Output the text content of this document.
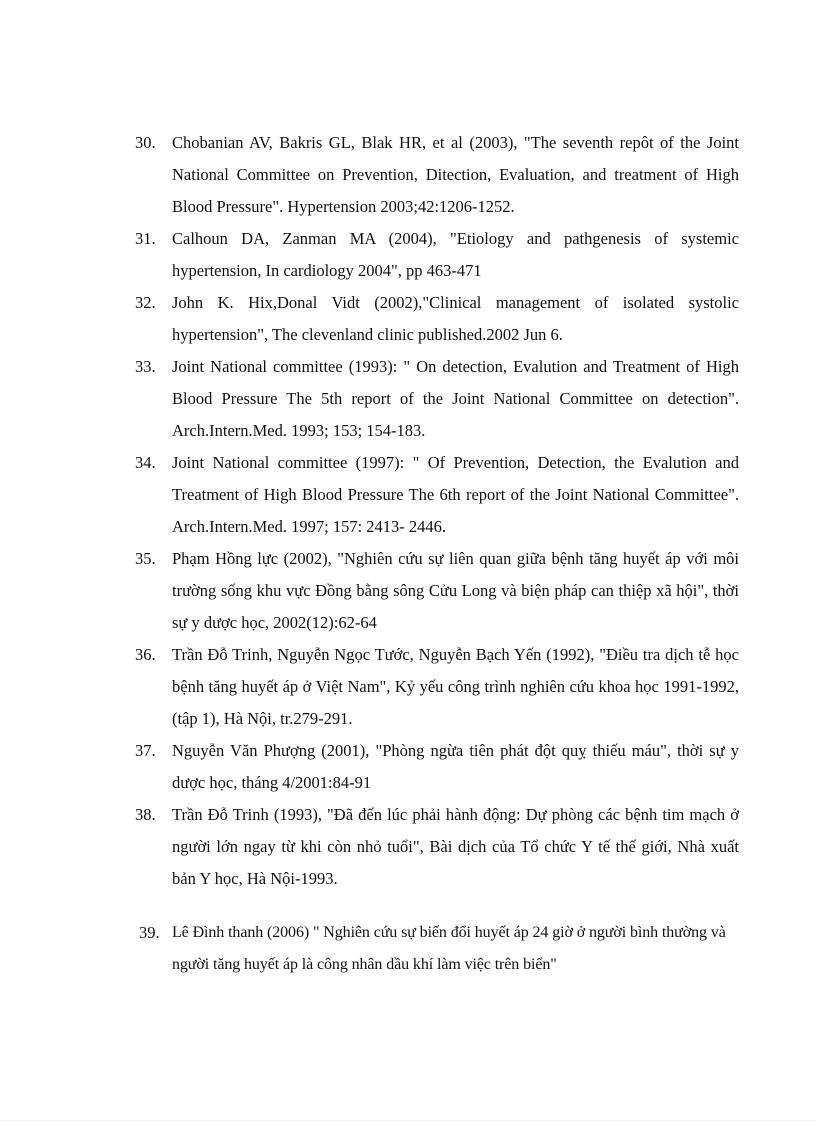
30. Chobanian AV, Bakris GL, Blak HR, et al (2003), "The seventh repôt of the Joint National Committee on Prevention, Ditection, Evaluation, and treatment of High Blood Pressure". Hypertension 2003;42:1206-1252.
31. Calhoun DA, Zanman MA (2004), "Etiology and pathgenesis of systemic hypertension, In cardiology 2004", pp 463-471
32. John K. Hix,Donal Vidt (2002),"Clinical management of isolated systolic hypertension", The clevenland clinic published.2002 Jun 6.
33. Joint National committee (1993): " On detection, Evalution and Treatment of High Blood Pressure The 5th report of the Joint National Committee on detection". Arch.Intern.Med. 1993; 153; 154-183.
34. Joint National committee (1997): " Of Prevention, Detection, the Evalution and Treatment of High Blood Pressure The 6th report of the Joint National Committee". Arch.Intern.Med. 1997; 157: 2413- 2446.
35. Phạm Hồng lực (2002), "Nghiên cứu sự liên quan giữa bệnh tăng huyết áp với môi trường sống khu vực Đồng bằng sông Cửu Long và biện pháp can thiệp xã hội", thời sự y dược học, 2002(12):62-64
36. Trần Đỗ Trinh, Nguyễn Ngọc Tước, Nguyễn Bạch Yến (1992), "Điều tra dịch tễ học bệnh tăng huyết áp ở Việt Nam", Kỷ yếu công trình nghiên cứu khoa học 1991-1992, (tập 1), Hà Nội, tr.279-291.
37. Nguyễn Văn Phượng (2001), "Phòng ngừa tiên phát đột quỵ thiếu máu", thời sự y dược học, tháng 4/2001:84-91
38. Trần Đỗ Trinh (1993), "Đã đến lúc phải hành động: Dự phòng các bệnh tim mạch ở người lớn ngay từ khi còn nhỏ tuổi", Bài dịch của Tổ chức Y tế thế giới, Nhà xuất bản Y học, Hà Nội-1993.
39. Lê Đình thanh (2006) " Nghiên cứu sự biến đổi huyết áp 24 giờ ở người bình thường và người tăng huyết áp là công nhân dầu khí làm việc trên biển"
